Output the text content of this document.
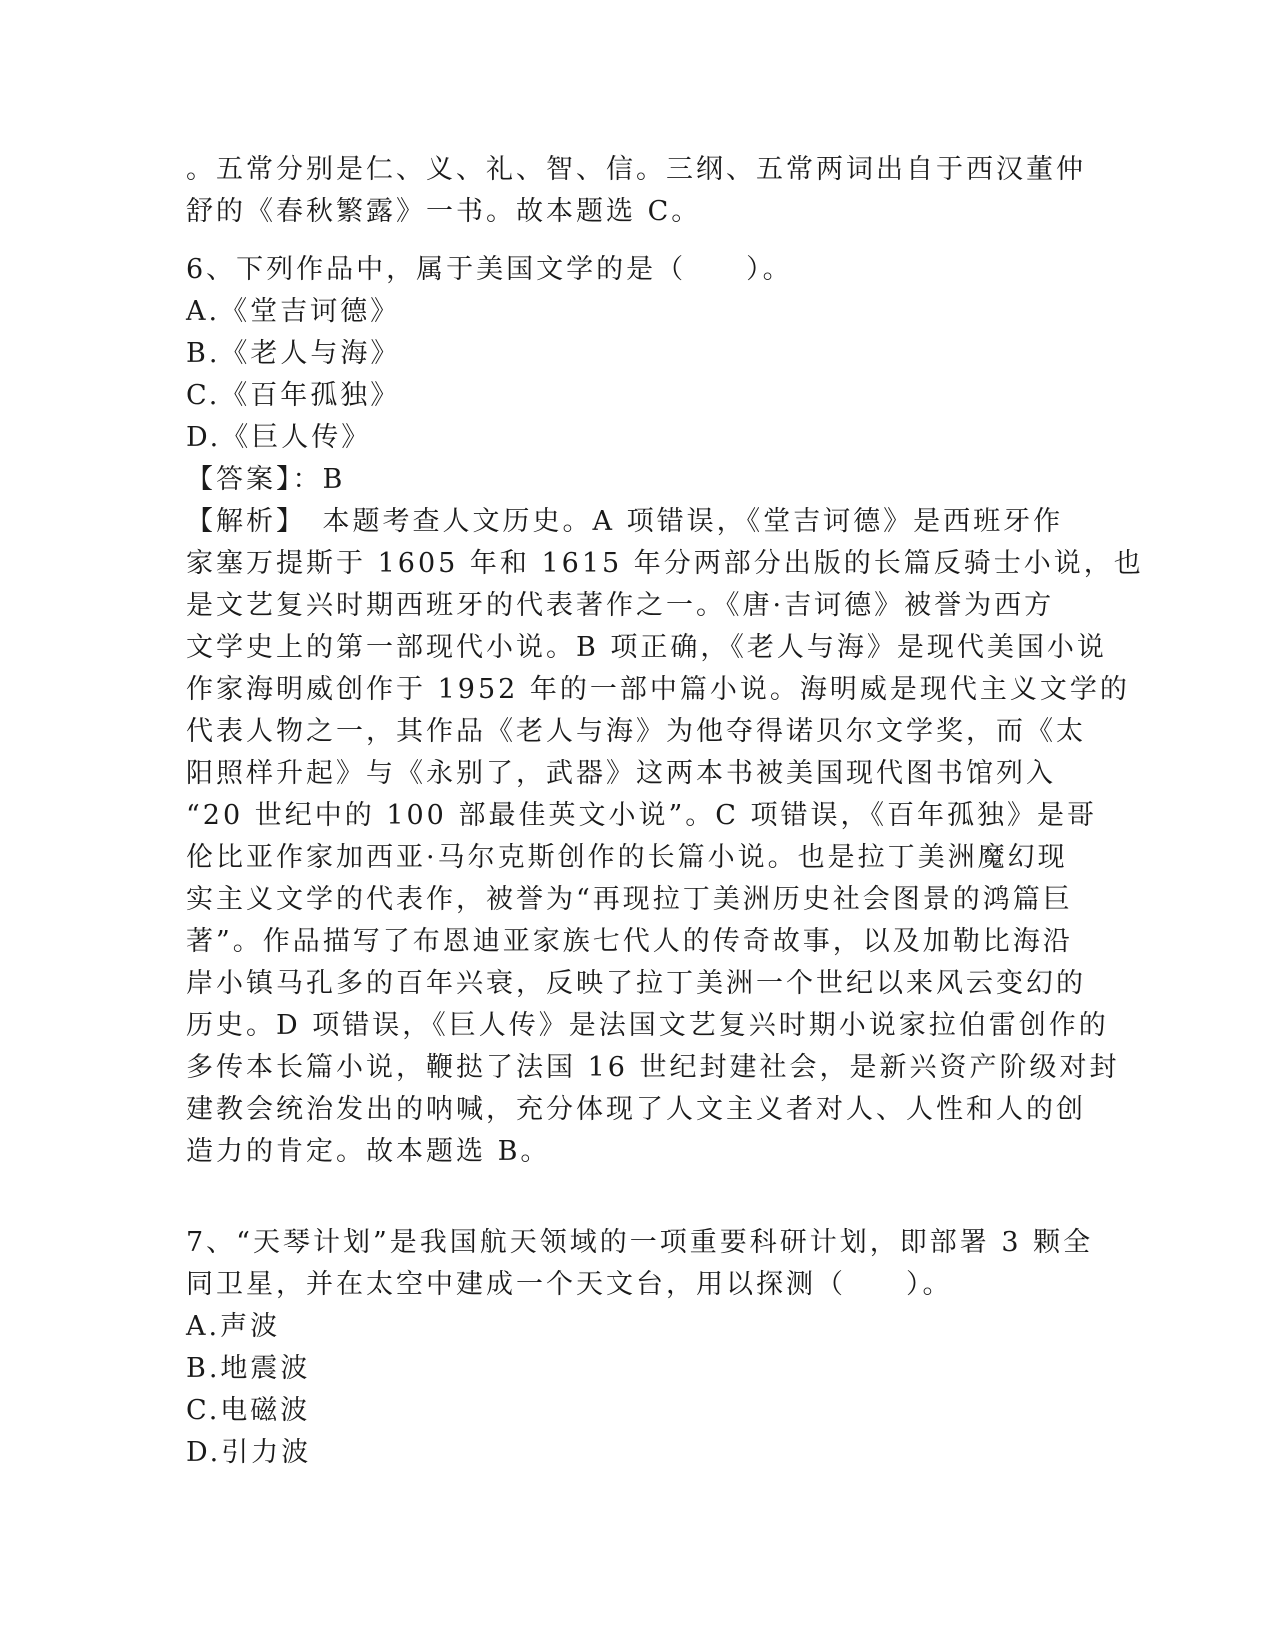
。五常分别是仁、义、礼、智、信。三纲、五常两词出自于西汉董仲
舒的《春秋繁露》一书。故本题选 C。
6、下列作品中，属于美国文学的是（　　）。
A.《堂吉诃德》
B.《老人与海》
C.《百年孤独》
D.《巨人传》
【答案】：B
【解析】　本题考查人文历史。A 项错误，《堂吉诃德》是西班牙作
家塞万提斯于 1605 年和 1615 年分两部分出版的长篇反骑士小说，也
是文艺复兴时期西班牙的代表著作之一。《唐·吉诃德》被誉为西方
文学史上的第一部现代小说。B 项正确，《老人与海》是现代美国小说
作家海明威创作于 1952 年的一部中篇小说。海明威是现代主义文学的
代表人物之一，其作品《老人与海》为他夺得诺贝尔文学奖，而《太
阳照样升起》与《永别了，武器》这两本书被美国现代图书馆列入
“20 世纪中的 100 部最佳英文小说”。C 项错误，《百年孤独》是哥
伦比亚作家加西亚·马尔克斯创作的长篇小说。也是拉丁美洲魔幻现
实主义文学的代表作，被誉为“再现拉丁美洲历史社会图景的鸿篇巨
著”。作品描写了布恩迪亚家族七代人的传奇故事，以及加勒比海沿
岸小镇马孔多的百年兴衰，反映了拉丁美洲一个世纪以来风云变幻的
历史。D 项错误，《巨人传》是法国文艺复兴时期小说家拉伯雷创作的
多传本长篇小说，鞭挞了法国 16 世纪封建社会，是新兴资产阶级对封
建教会统治发出的呐喊，充分体现了人文主义者对人、人性和人的创
造力的肯定。故本题选 B。
7、“天琴计划”是我国航天领域的一项重要科研计划，即部署 3 颗全
同卫星，并在太空中建成一个天文台，用以探测（　　）。
A.声波
B.地震波
C.电磁波
D.引力波
